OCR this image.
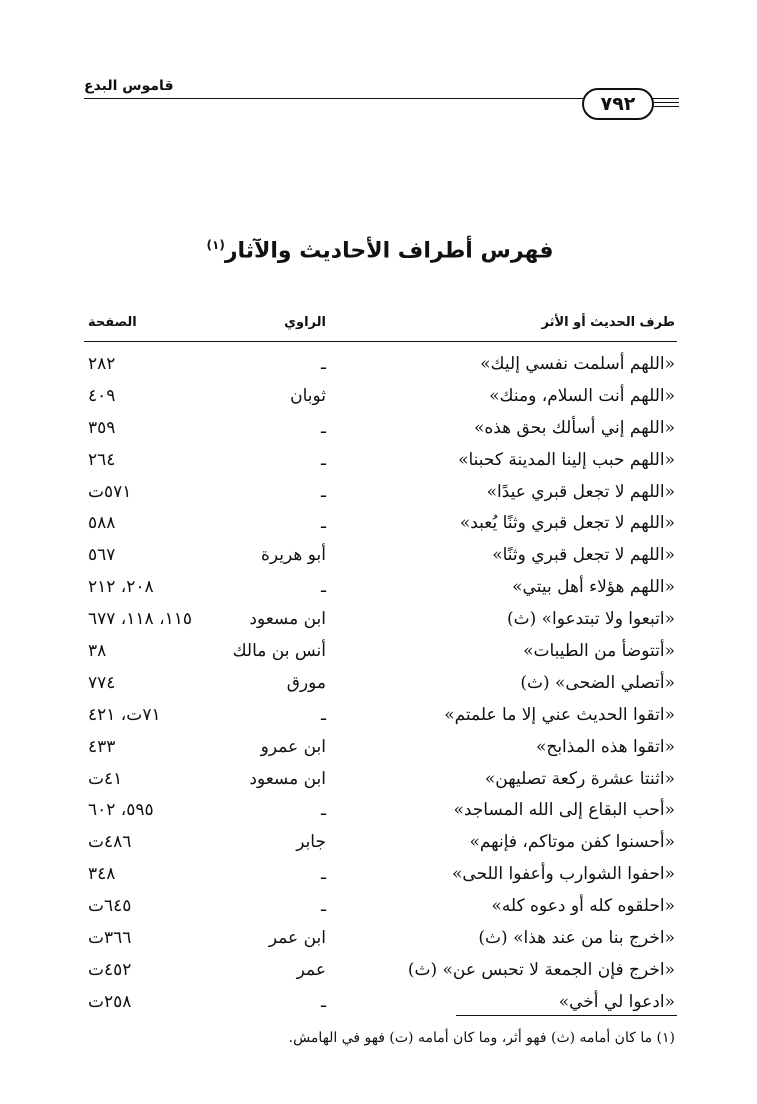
قاموس البدع
٧٩٢
فهرس أطراف الأحاديث والآثار$^{(١)}$
طرف الحديث أو الأثر
الراوي
الصفحة
«اللهم أسلمت نفسي إليك»
ـ
٢٨٢
«اللهم أنت السلام، ومنك»
ثوبان
٤٠٩
«اللهم إني أسألك بحق هذه»
ـ
٣٥٩
«اللهم حبب إلينا المدينة كحبنا»
ـ
٢٦٤
«اللهم لا تجعل قبري عيدًا»
ـ
٥٧١ت
«اللهم لا تجعل قبري وثنًا يُعبد»
ـ
٥٨٨
«اللهم لا تجعل قبري وثنًا»
أبو هريرة
٥٦٧
«اللهم هؤلاء أهل بيتي»
ـ
٢٠٨، ٢١٢
«اتبعوا ولا تبتدعوا» (ث)
ابن مسعود
١١٥، ١١٨، ٦٧٧
«أتتوضأ من الطيبات»
أنس بن مالك
٣٨
«أتصلي الضحى» (ث)
مورق
٧٧٤
«اتقوا الحديث عني إلا ما علمتم»
ـ
٧١ت، ٤٢١
«اتقوا هذه المذابح»
ابن عمرو
٤٣٣
«اثنتا عشرة ركعة تصليهن»
ابن مسعود
٤١ت
«أحب البقاع إلى الله المساجد»
ـ
٥٩٥، ٦٠٢
«أحسنوا كفن موتاكم، فإنهم»
جابر
٤٨٦ت
«احفوا الشوارب وأعفوا اللحى»
ـ
٣٤٨
«احلقوه كله أو دعوه كله»
ـ
٦٤٥ت
«اخرج بنا من عند هذا» (ث)
ابن عمر
٣٦٦ت
«اخرج فإن الجمعة لا تحبس عن» (ث)
عمر
٤٥٢ت
«ادعوا لي أخي»
ـ
٢٥٨ت
(١) ما كان أمامه (ث) فهو أثر، وما كان أمامه (ت) فهو في الهامش.
